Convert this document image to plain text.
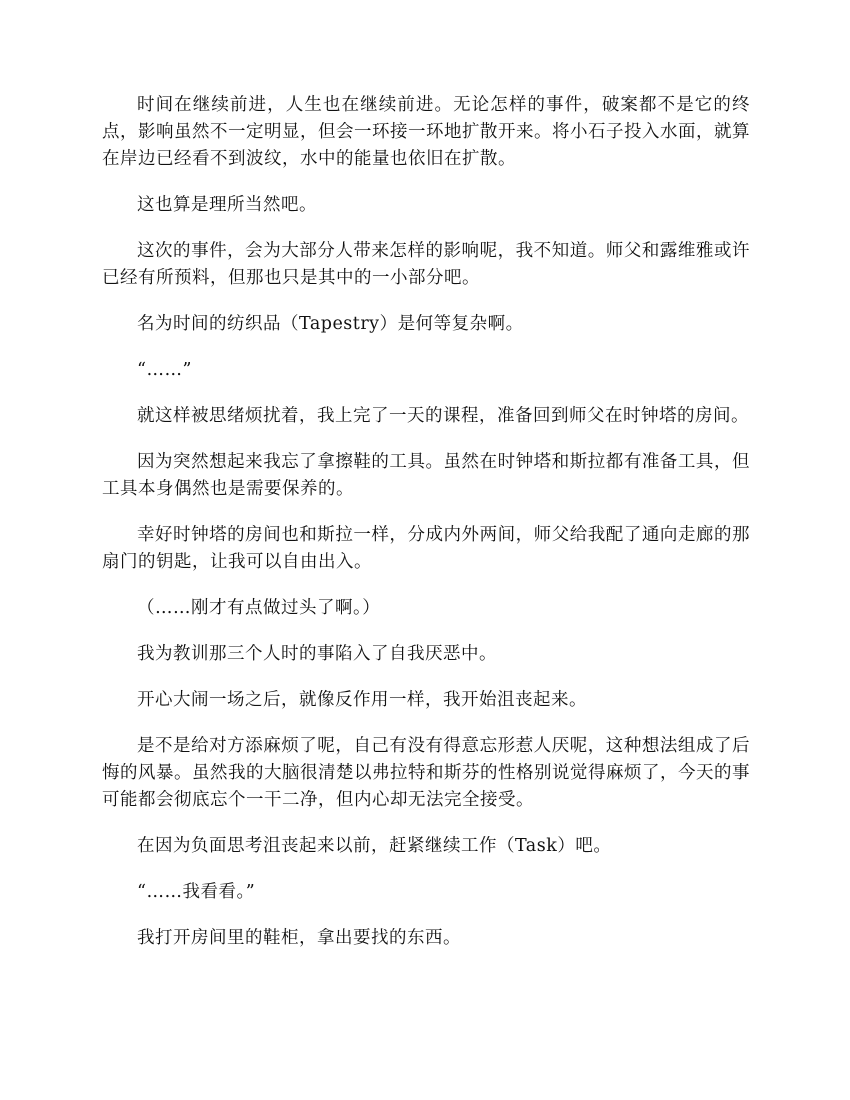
时间在继续前进，人生也在继续前进。无论怎样的事件，破案都不是它的终点，影响虽然不一定明显，但会一环接一环地扩散开来。将小石子投入水面，就算在岸边已经看不到波纹，水中的能量也依旧在扩散。

这也算是理所当然吧。

这次的事件，会为大部分人带来怎样的影响呢，我不知道。师父和露维雅或许已经有所预料，但那也只是其中的一小部分吧。

名为时间的纺织品（Tapestry）是何等复杂啊。

“……”

就这样被思绪烦扰着，我上完了一天的课程，准备回到师父在时钟塔的房间。

因为突然想起来我忘了拿擦鞋的工具。虽然在时钟塔和斯拉都有准备工具，但工具本身偶然也是需要保养的。

幸好时钟塔的房间也和斯拉一样，分成内外两间，师父给我配了通向走廊的那扇门的钥匙，让我可以自由出入。

（……刚才有点做过头了啊。）

我为教训那三个人时的事陷入了自我厌恶中。

开心大闹一场之后，就像反作用一样，我开始沮丧起来。

是不是给对方添麻烦了呢，自己有没有得意忘形惹人厌呢，这种想法组成了后悔的风暴。虽然我的大脑很清楚以弗拉特和斯芬的性格别说觉得麻烦了，今天的事可能都会彻底忘个一干二净，但内心却无法完全接受。

在因为负面思考沮丧起来以前，赶紧继续工作（Task）吧。

“……我看看。”

我打开房间里的鞋柜，拿出要找的东西。
